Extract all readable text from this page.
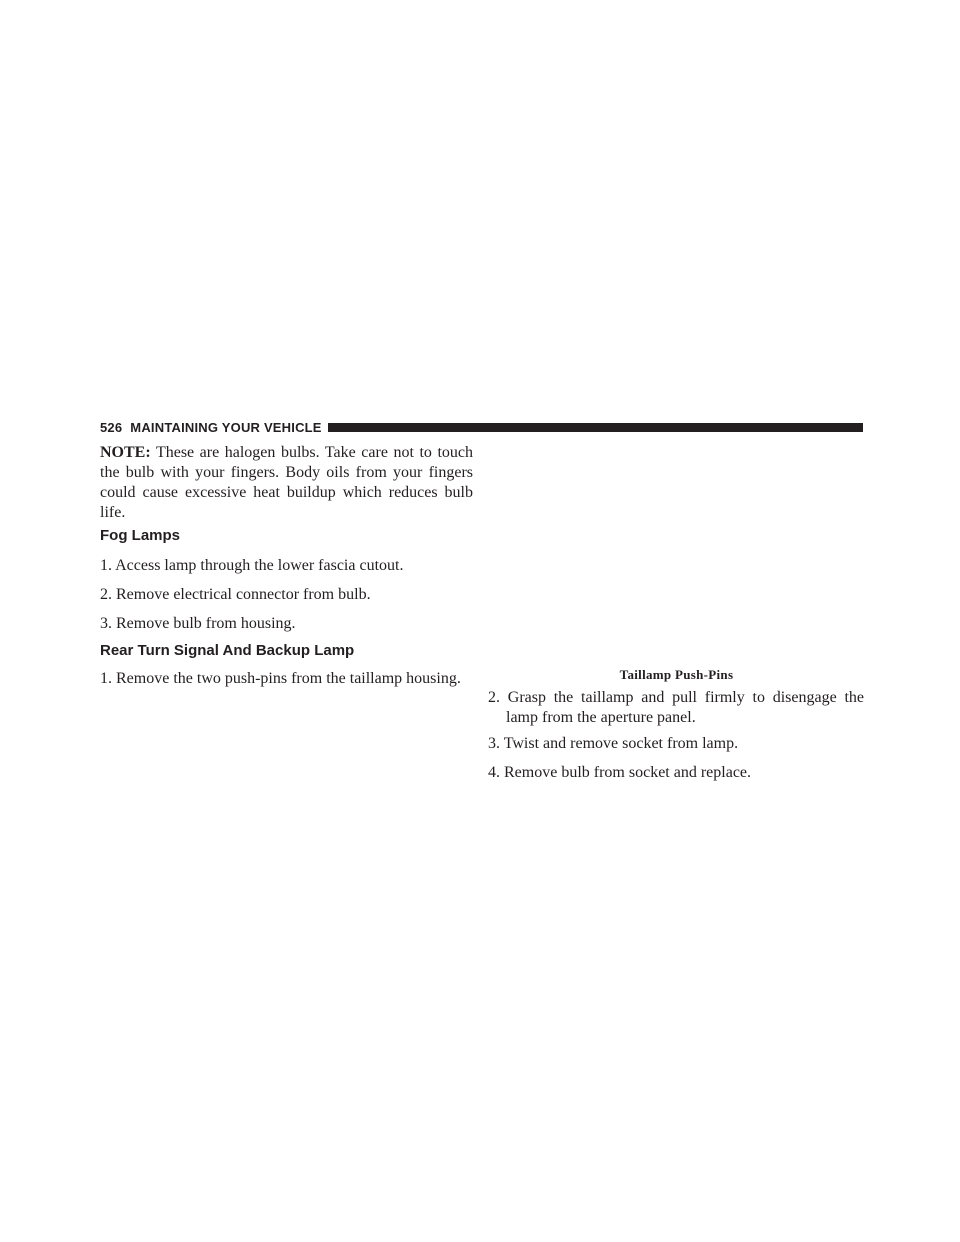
526 MAINTAINING YOUR VEHICLE

NOTE: These are halogen bulbs. Take care not to touch the bulb with your fingers. Body oils from your fingers could cause excessive heat buildup which reduces bulb life.

Fog Lamps
1. Access lamp through the lower fascia cutout.
2. Remove electrical connector from bulb.
3. Remove bulb from housing.
Rear Turn Signal And Backup Lamp
1. Remove the two push-pins from the taillamp housing.	Taillamp Push-Pins
2. Grasp the taillamp and pull firmly to disengage the lamp from the aperture panel.
3. Twist and remove socket from lamp.
4. Remove bulb from socket and replace.
